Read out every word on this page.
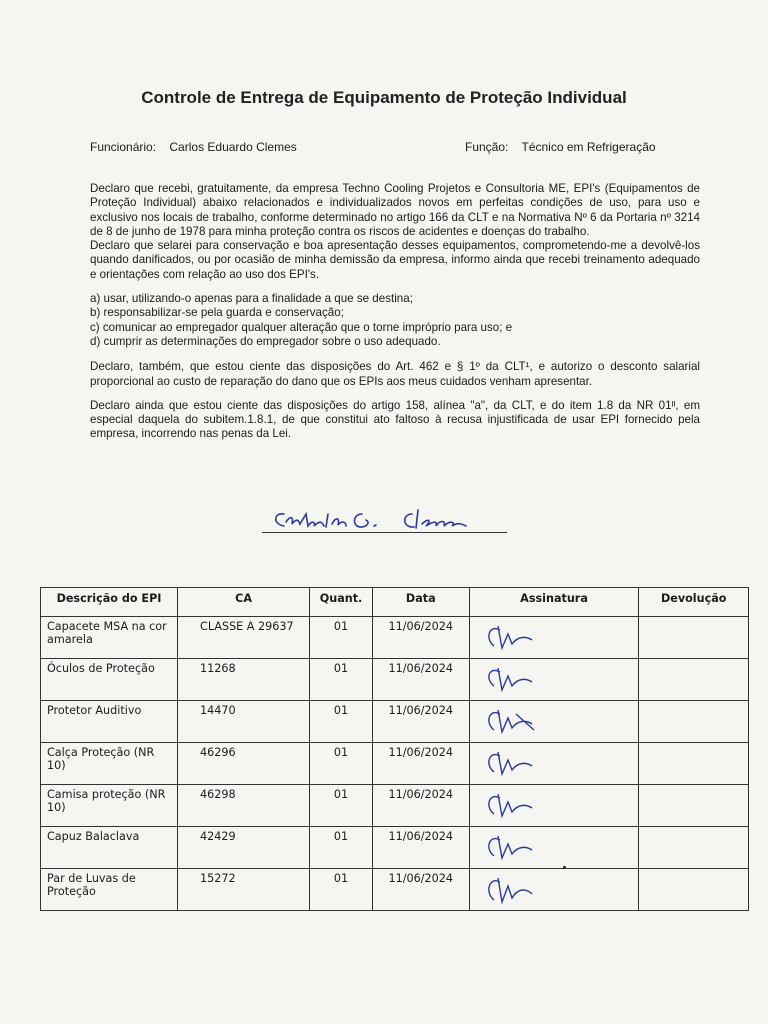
Controle de Entrega de Equipamento de Proteção Individual
Funcionário: Carlos Eduardo Clemes	Função: Técnico em Refrigeração

Declaro que recebi, gratuitamente, da empresa Techno Cooling Projetos e Consultoria ME, EPI's (Equipamentos de Proteção Individual) abaixo relacionados e individualizados novos em perfeitas condições de uso, para uso e exclusivo nos locais de trabalho, conforme determinado no artigo 166 da CLT e na Normativa Nº 6 da Portaria nº 3214 de 8 de junho de 1978 para minha proteção contra os riscos de acidentes e doenças do trabalho.

Declaro que selarei para conservação e boa apresentação desses equipamentos, comprometendo-me a devolvê-los quando danificados, ou por ocasião de minha demissão da empresa, informo ainda que recebi treinamento adequado e orientações com relação ao uso dos EPI's.

a) usar, utilizando-o apenas para a finalidade a que se destina;
b) responsabilizar-se pela guarda e conservação;
c) comunicar ao empregador qualquer alteração que o torne impróprio para uso; e
d) cumprir as determinações do empregador sobre o uso adequado.

Declaro, também, que estou ciente das disposições do Art. 462 e § 1º da CLT¹, e autorizo o desconto salarial proporcional ao custo de reparação do dano que os EPIs aos meus cuidados venham apresentar.

Declaro ainda que estou ciente das disposições do artigo 158, alínea "a", da CLT, e do item 1.8 da NR 01ᴵᴵ, em especial daquela do subitem.1.8.1, de que constitui ato faltoso à recusa injustificada de usar EPI fornecido pela empresa, incorrendo nas penas da Lei.

Descrição do EPI	CA	Quant.	Data	Assinatura	Devolução
Capacete MSA na cor amarela	CLASSE A 29637	01	11/06/2024		
Óculos de Proteção	11268	01	11/06/2024		
Protetor Auditivo	14470	01	11/06/2024		
Calça Proteção (NR 10)	46296	01	11/06/2024		
Camisa proteção (NR 10)	46298	01	11/06/2024		
Capuz Balaclava	42429	01	11/06/2024		
Par de Luvas de Proteção	15272	01	11/06/2024		
